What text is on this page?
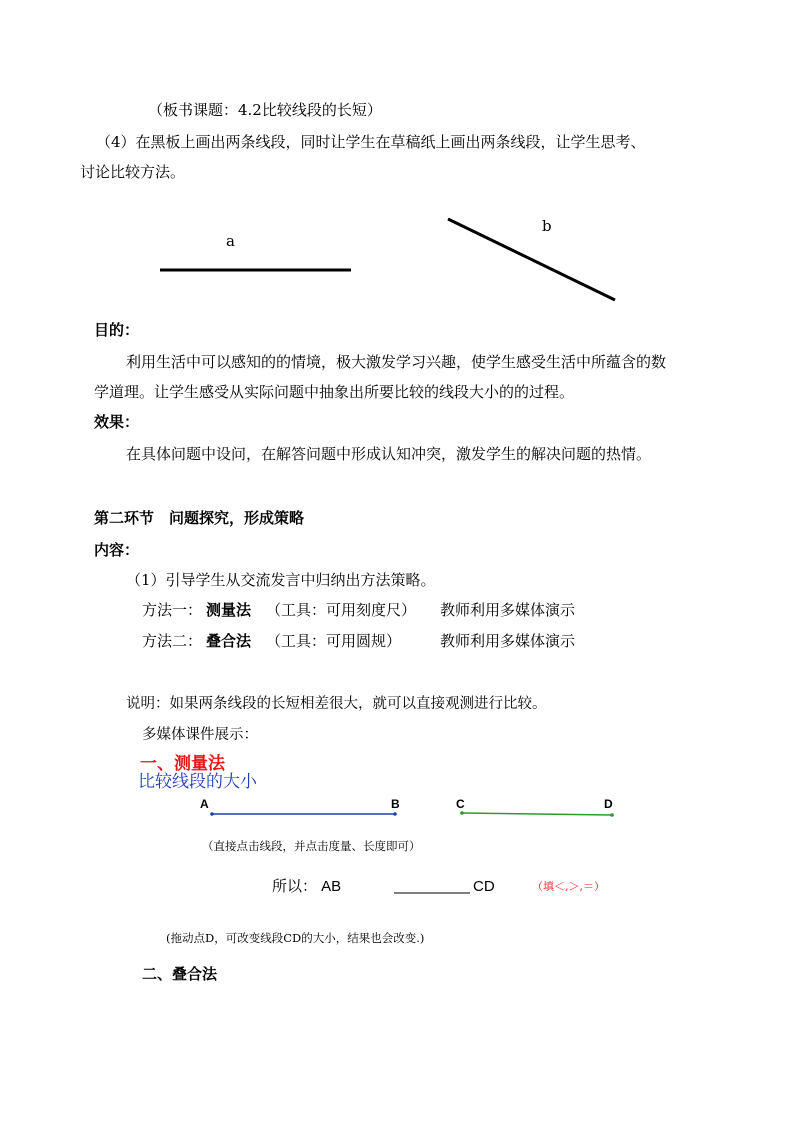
（板书课题：4.2比较线段的长短）
（4）在黑板上画出两条线段，同时让学生在草稿纸上画出两条线段，让学生思考、
讨论比较方法。
a
b
目的：
利用生活中可以感知的的情境，极大激发学习兴趣，使学生感受生活中所蕴含的数
学道理。让学生感受从实际问题中抽象出所要比较的线段大小的的过程。
效果：
在具体问题中设问，在解答问题中形成认知冲突，激发学生的解决问题的热情。
第二环节　问题探究，形成策略
内容：
（1）引导学生从交流发言中归纳出方法策略。
方法一： 测量法 （工具：可用刻度尺） 教师利用多媒体演示
方法二： 叠合法 （工具：可用圆规）	教师利用多媒体演示
说明：如果两条线段的长短相差很大，就可以直接观测进行比较。
多媒体课件展示：
一、测量法
比较线段的大小
A	B	C	D
（直接点击线段，并点击度量、长度即可）
所以： AB	CD	（填＜,＞,＝）
(拖动点D，可改变线段CD的大小，结果也会改变.)
二、叠合法
